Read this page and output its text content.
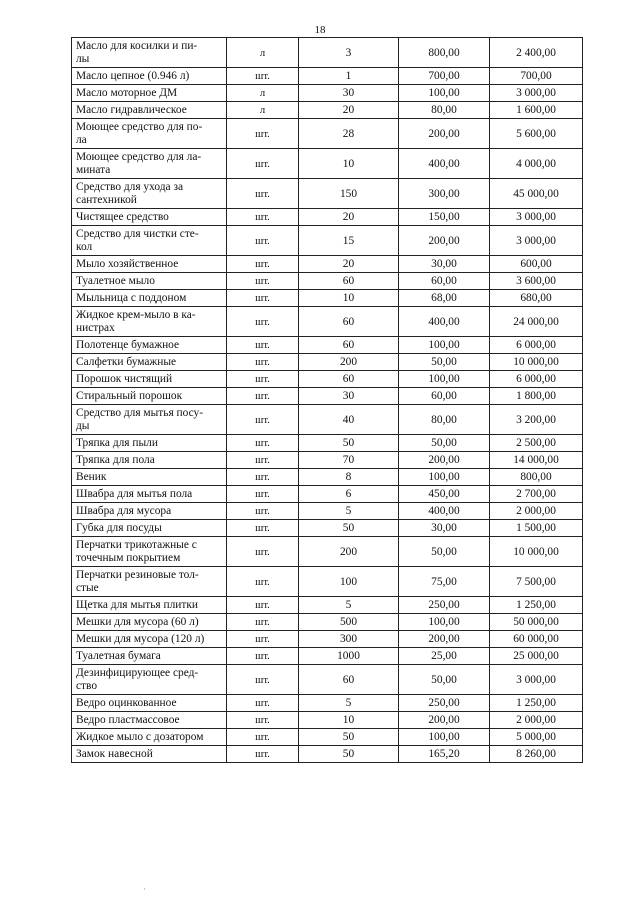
18
Масло для косилки и пи-
лы	л	3	800,00	2 400,00

Масло цепное (0.946 л)	шт.	1	700,00	700,00

Масло моторное ДМ	л	30	100,00	3 000,00

Масло гидравлическое	л	20	80,00	1 600,00

Моющее средство для по-
ла	шт.	28	200,00	5 600,00

Моющее средство для ла-
мината	шт.	10	400,00	4 000,00

Средство для ухода за
сантехникой	шт.	150	300,00	45 000,00

Чистящее средство	шт.	20	150,00	3 000,00

Средство для чистки сте-
кол	шт.	15	200,00	3 000,00

Мыло хозяйственное	шт.	20	30,00	600,00

Туалетное мыло	шт.	60	60,00	3 600,00

Мыльница с поддоном	шт.	10	68,00	680,00

Жидкое крем-мыло в ка-
нистрах	шт.	60	400,00	24 000,00

Полотенце бумажное	шт.	60	100,00	6 000,00

Салфетки бумажные	шт.	200	50,00	10 000,00

Порошок чистящий	шт.	60	100,00	6 000,00

Стиральный порошок	шт.	30	60,00	1 800,00

Средство для мытья посу-
ды	шт.	40	80,00	3 200,00

Тряпка для пыли	шт.	50	50,00	2 500,00

Тряпка для пола	шт.	70	200,00	14 000,00

Веник	шт.	8	100,00	800,00

Швабра для мытья пола	шт.	6	450,00	2 700,00

Швабра для мусора	шт.	5	400,00	2 000,00

Губка для посуды	шт.	50	30,00	1 500,00

Перчатки трикотажные с
точечным покрытием	шт.	200	50,00	10 000,00

Перчатки резиновые тол-
стые	шт.	100	75,00	7 500,00

Щетка для мытья плитки	шт.	5	250,00	1 250,00

Мешки для мусора (60 л)	шт.	500	100,00	50 000,00

Мешки для мусора (120 л)	шт.	300	200,00	60 000,00

Туалетная бумага	шт.	1000	25,00	25 000,00

Дезинфицирующее сред-
ство	шт.	60	50,00	3 000,00

Ведро оцинкованное	шт.	5	250,00	1 250,00

Ведро пластмассовое	шт.	10	200,00	2 000,00

Жидкое мыло с дозатором	шт.	50	100,00	5 000,00

Замок навесной	шт.	50	165,20	8 260,00
·
